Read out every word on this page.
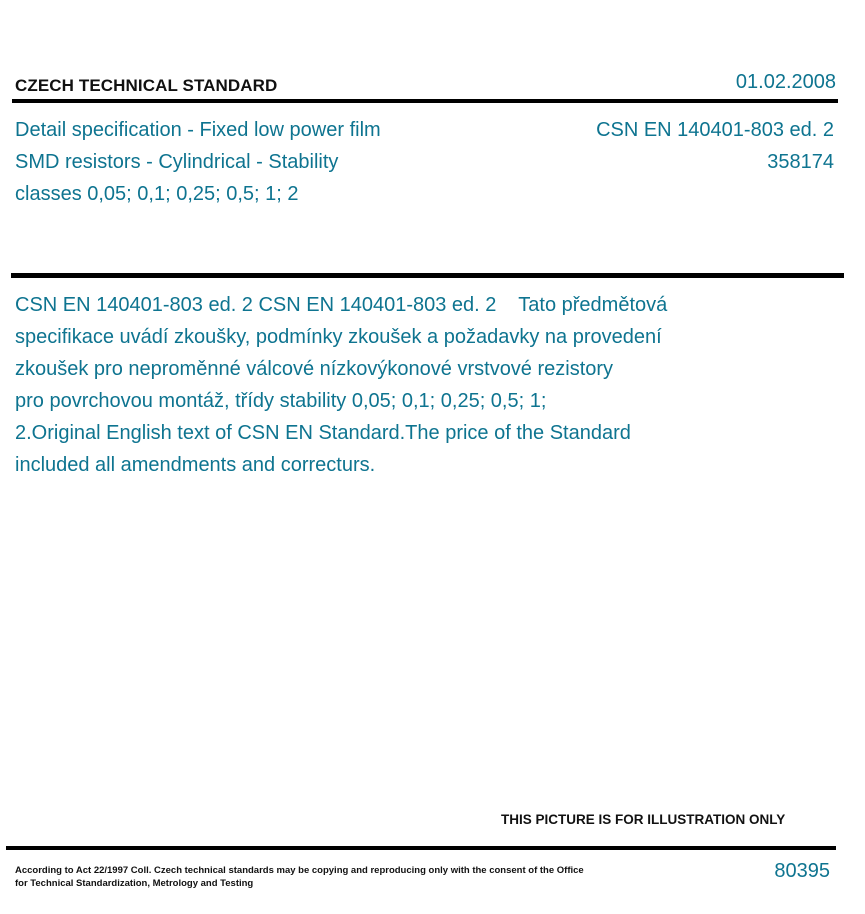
CZECH TECHNICAL STANDARD	01.02.2008
Detail specification - Fixed low power film
SMD resistors - Cylindrical - Stability
classes 0,05; 0,1; 0,25; 0,5; 1; 2
CSN EN 140401-803 ed. 2
358174
CSN EN 140401-803 ed. 2 CSN EN 140401-803 ed. 2    Tato předmětová
specifikace uvádí zkoušky, podmínky zkoušek a požadavky na provedení
zkoušek pro neproměnné válcové nízkovýkonové vrstvové rezistory
pro povrchovou montáž, třídy stability 0,05; 0,1; 0,25; 0,5; 1;
2.Original English text of CSN EN Standard.The price of the Standard
included all amendments and correcturs.
THIS PICTURE IS FOR ILLUSTRATION ONLY
According to Act 22/1997 Coll. Czech technical standards may be copying and reproducing only with the consent of the Office
for Technical Standardization, Metrology and Testing
80395
